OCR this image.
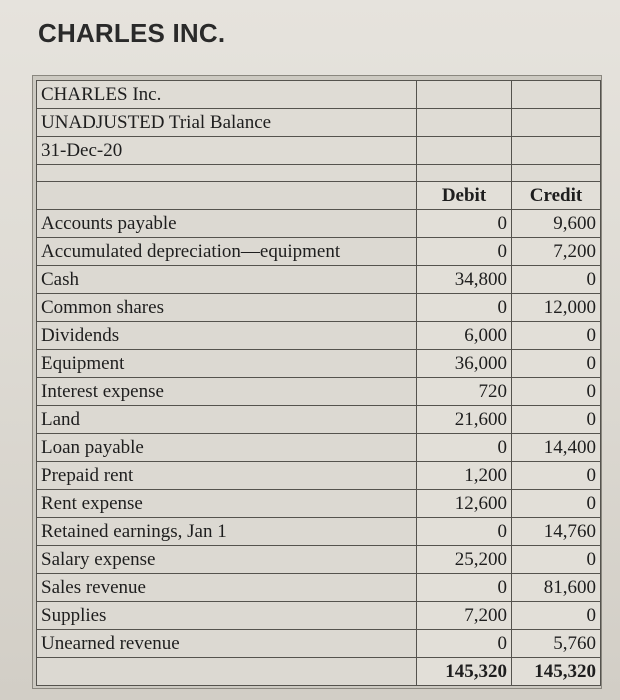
CHARLES INC.
CHARLES Inc.		
UNADJUSTED Trial Balance		
31-Dec-20		

	Debit	Credit
Accounts payable	0	9,600
Accumulated depreciation—equipment	0	7,200
Cash	34,800	0
Common shares	0	12,000
Dividends	6,000	0
Equipment	36,000	0
Interest expense	720	0
Land	21,600	0
Loan payable	0	14,400
Prepaid rent	1,200	0
Rent expense	12,600	0
Retained earnings, Jan 1	0	14,760
Salary expense	25,200	0
Sales revenue	0	81,600
Supplies	7,200	0
Unearned revenue	0	5,760
	145,320	145,320
